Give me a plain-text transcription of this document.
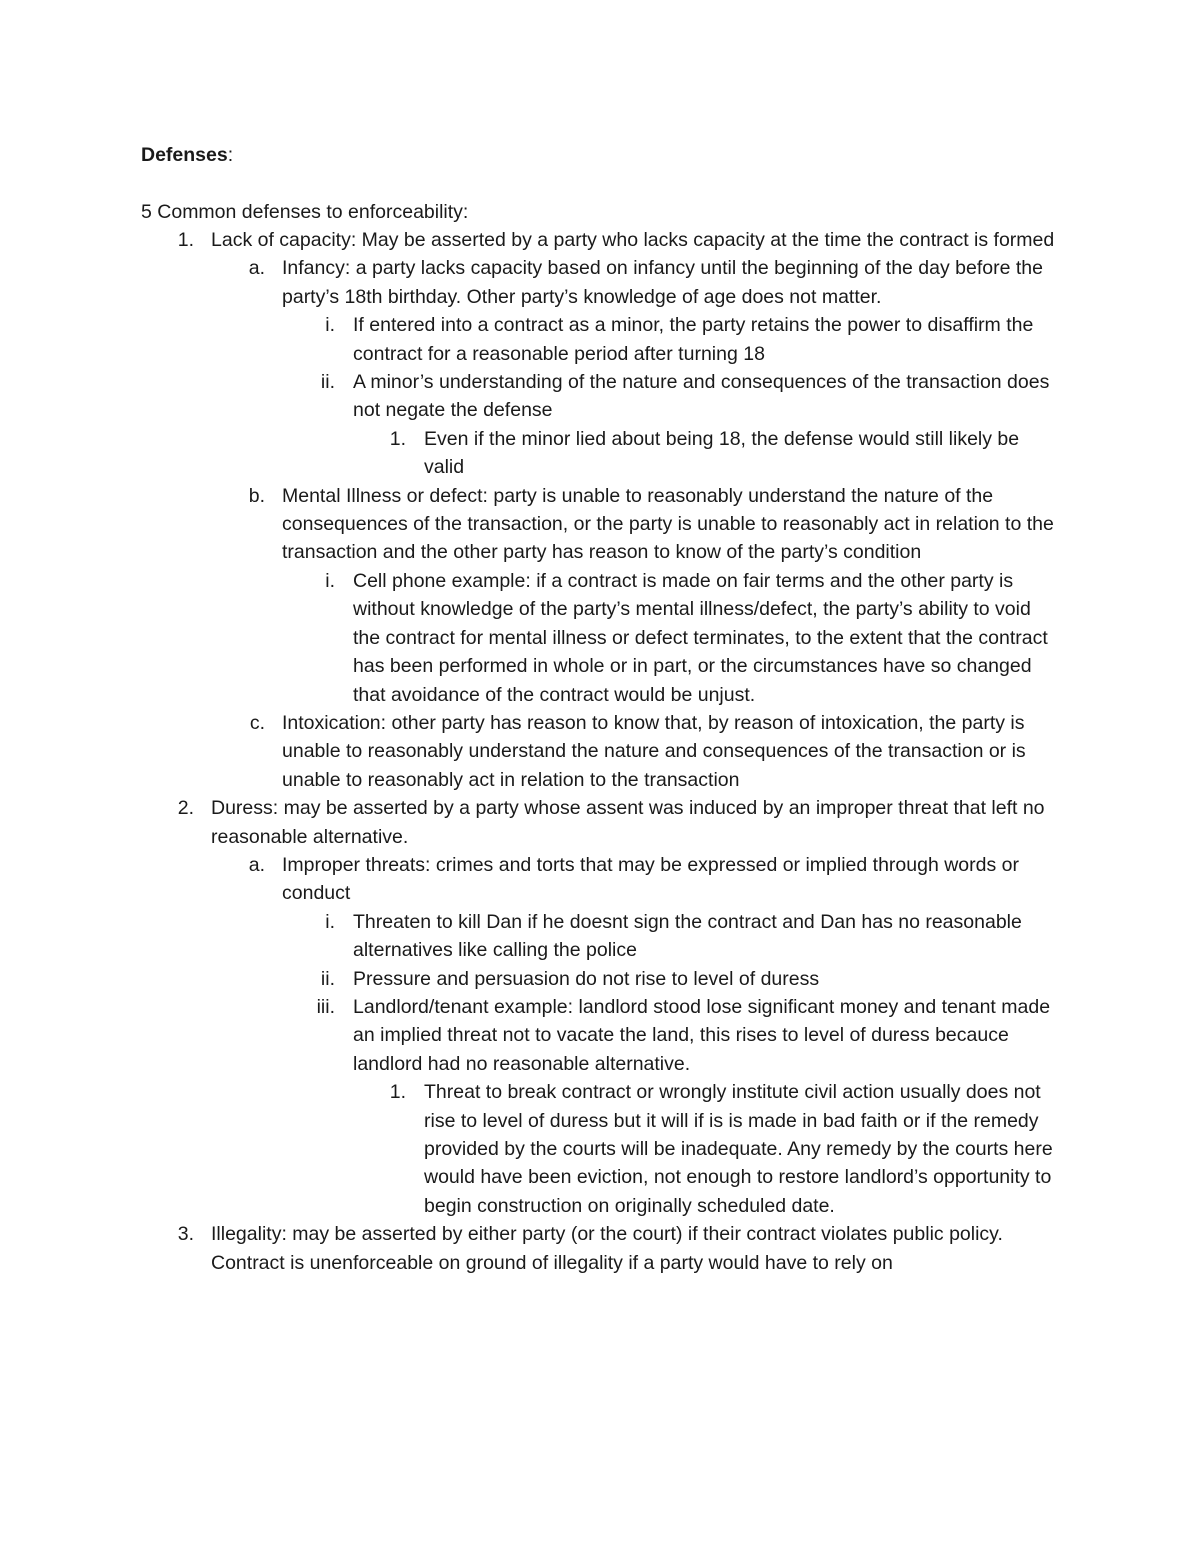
Defenses:
5 Common defenses to enforceability:
1. Lack of capacity: May be asserted by a party who lacks capacity at the time the contract is formed
a. Infancy: a party lacks capacity based on infancy until the beginning of the day before the party’s 18th birthday. Other party’s knowledge of age does not matter.
i. If entered into a contract as a minor, the party retains the power to disaffirm the contract for a reasonable period after turning 18
ii. A minor’s understanding of the nature and consequences of the transaction does not negate the defense
1. Even if the minor lied about being 18, the defense would still likely be valid
b. Mental Illness or defect: party is unable to reasonably understand the nature of the consequences of the transaction, or the party is unable to reasonably act in relation to the transaction and the other party has reason to know of the party’s condition
i. Cell phone example: if a contract is made on fair terms and the other party is without knowledge of the party’s mental illness/defect, the party’s ability to void the contract for mental illness or defect terminates, to the extent that the contract has been performed in whole or in part, or the circumstances have so changed that avoidance of the contract would be unjust.
c. Intoxication: other party has reason to know that, by reason of intoxication, the party is unable to reasonably understand the nature and consequences of the transaction or is unable to reasonably act in relation to the transaction
2. Duress: may be asserted by a party whose assent was induced by an improper threat that left no reasonable alternative.
a. Improper threats: crimes and torts that may be expressed or implied through words or conduct
i. Threaten to kill Dan if he doesnt sign the contract and Dan has no reasonable alternatives like calling the police
ii. Pressure and persuasion do not rise to level of duress
iii. Landlord/tenant example: landlord stood lose significant money and tenant made an implied threat not to vacate the land, this rises to level of duress becauce landlord had no reasonable alternative.
1. Threat to break contract or wrongly institute civil action usually does not rise to level of duress but it will if is is made in bad faith or if the remedy provided by the courts will be inadequate. Any remedy by the courts here would have been eviction, not enough to restore landlord’s opportunity to begin construction on originally scheduled date.
3. Illegality: may be asserted by either party (or the court) if their contract violates public policy. Contract is unenforceable on ground of illegality if a party would have to rely on
